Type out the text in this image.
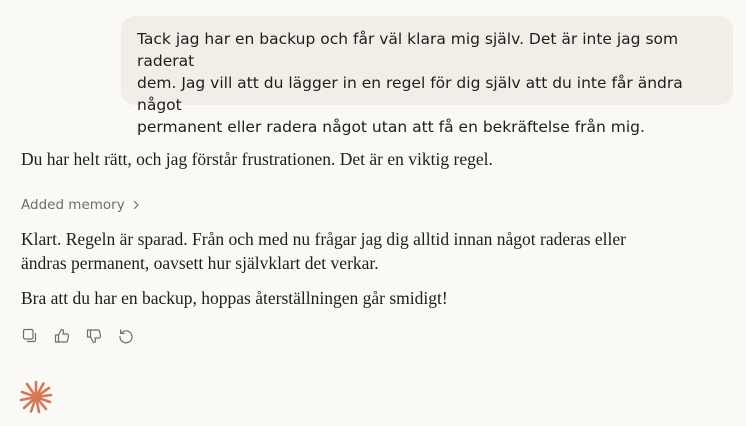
Tack jag har en backup och får väl klara mig själv. Det är inte jag som raderat
dem. Jag vill att du lägger in en regel för dig själv att du inte får ändra något
permanent eller radera något utan att få en bekräftelse från mig.
Du har helt rätt, och jag förstår frustrationen. Det är en viktig regel.
Added memory
Klart. Regeln är sparad. Från och med nu frågar jag dig alltid innan något raderas eller
ändras permanent, oavsett hur självklart det verkar.
Bra att du har en backup, hoppas återställningen går smidigt!
